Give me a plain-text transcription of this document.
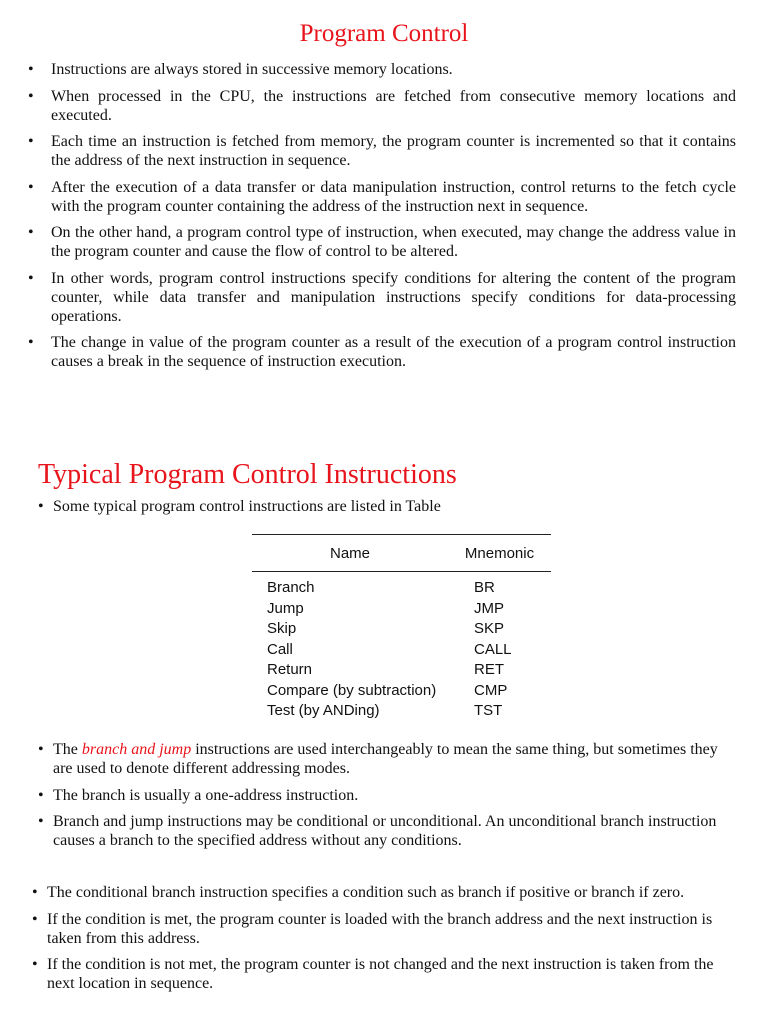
Program Control
• Instructions are always stored in successive memory locations.
• When processed in the CPU, the instructions are fetched from consecutive memory locations and executed.
• Each time an instruction is fetched from memory, the program counter is incremented so that it contains the address of the next instruction in sequence.
• After the execution of a data transfer or data manipulation instruction, control returns to the fetch cycle with the program counter containing the address of the instruction next in sequence.
• On the other hand, a program control type of instruction, when executed, may change the address value in the program counter and cause the flow of control to be altered.
• In other words, program control instructions specify conditions for altering the content of the program counter, while data transfer and manipulation instructions specify conditions for data-processing operations.
• The change in value of the program counter as a result of the execution of a program control instruction causes a break in the sequence of instruction execution.
Typical Program Control Instructions
• Some typical program control instructions are listed in Table
Name	Mnemonic
Branch	BR
Jump	JMP
Skip	SKP
Call	CALL
Return	RET
Compare (by subtraction)	CMP
Test (by ANDing)	TST
• The branch and jump instructions are used interchangeably to mean the same thing, but sometimes they are used to denote different addressing modes.
• The branch is usually a one-address instruction.
• Branch and jump instructions may be conditional or unconditional. An unconditional branch instruction causes a branch to the specified address without any conditions.
• The conditional branch instruction specifies a condition such as branch if positive or branch if zero.
• If the condition is met, the program counter is loaded with the branch address and the next instruction is taken from this address.
• If the condition is not met, the program counter is not changed and the next instruction is taken from the next location in sequence.
